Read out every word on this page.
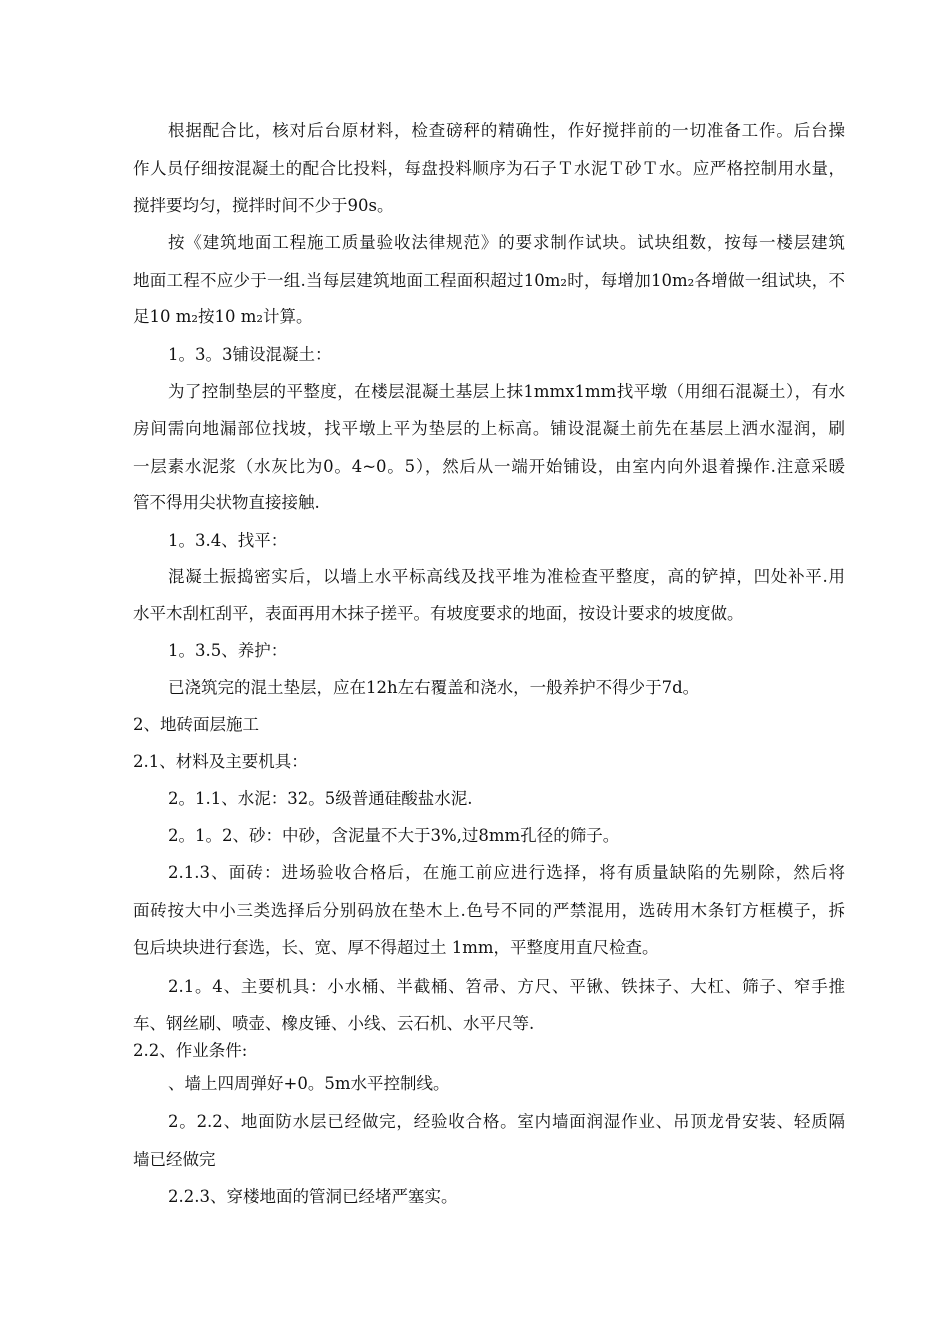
根据配合比，核对后台原材料，检查磅秤的精确性，作好搅拌前的一切准备工作。后台操
作人员仔细按混凝土的配合比投料，每盘投料顺序为石子Ｔ水泥Ｔ砂Ｔ水。应严格控制用水量，
搅拌要均匀，搅拌时间不少于90s。
按《建筑地面工程施工质量验收法律规范》的要求制作试块。试块组数，按每一楼层建筑
地面工程不应少于一组.当每层建筑地面工程面积超过10m₂时，每增加10m₂各增做一组试块，不
足10 m₂按10 m₂计算。
1。3。3铺设混凝土：
为了控制垫层的平整度，在楼层混凝土基层上抹1mmx1mm找平墩（用细石混凝土），有水
房间需向地漏部位找坡，找平墩上平为垫层的上标高。铺设混凝土前先在基层上洒水湿润，刷
一层素水泥浆（水灰比为0。4~0。5），然后从一端开始铺设，由室内向外退着操作.注意采暖
管不得用尖状物直接接触.
1。3.4、找平：
混凝土振捣密实后，以墙上水平标高线及找平堆为准检查平整度，高的铲掉，凹处补平.用
水平木刮杠刮平，表面再用木抹子搓平。有坡度要求的地面，按设计要求的坡度做。
1。3.5、养护：
已浇筑完的混土垫层，应在12h左右覆盖和浇水，一般养护不得少于7d。
2、地砖面层施工
2.1、材料及主要机具：
2。1.1、水泥：32。5级普通硅酸盐水泥.
2。1。2、砂：中砂，含泥量不大于3%,过8mm孔径的筛子。
2.1.3、面砖：进场验收合格后，在施工前应进行选择，将有质量缺陷的先剔除，然后将
面砖按大中小三类选择后分别码放在垫木上.色号不同的严禁混用，选砖用木条钉方框模子，拆
包后块块进行套选，长、宽、厚不得超过土 1mm，平整度用直尺检查。
2.1。4、主要机具：小水桶、半截桶、笤帚、方尺、平锹、铁抹子、大杠、筛子、窄手推
车、钢丝刷、喷壶、橡皮锤、小线、云石机、水平尺等.
2.2、作业条件:
、墙上四周弹好+0。5m水平控制线。
2。2.2、地面防水层已经做完，经验收合格。室内墙面润湿作业、吊顶龙骨安装、轻质隔
墙已经做完
2.2.3、穿楼地面的管洞已经堵严塞实。
